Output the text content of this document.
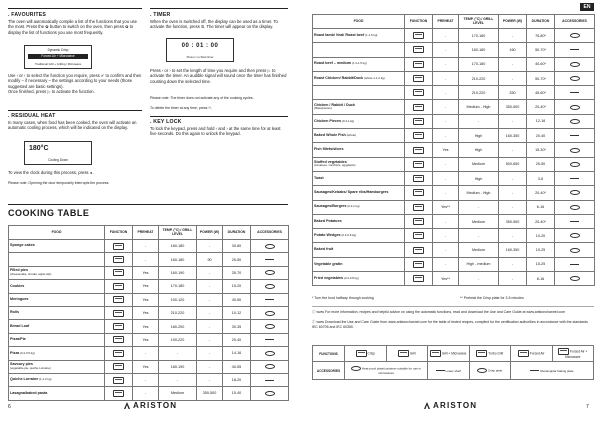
. FAVOURITES
The oven will automatically compile a list of the functions that you use the most. Press the ✿ button to switch on the oven, then press ✿ to display the list of functions you use most frequently.
Dynamic Crisp
Forced Air + Microwave
Traditional Grill + Grilling / Microwave
Use ‹ or › to select the function you require, press ✔ to confirm and then modify – if necessary – the settings according to your needs (those suggested are basic settings).
Once finished, press ▷ to activate the function.
. RESIDUAL HEAT
In many cases, when food has been cooked, the oven will activate an automatic cooling process, which will be indicated on the display.
180°C
Cooling Down
To view the clock during this process, press ◂ .
Please note: Opening the door temporarily interrupts the process.
. TIMER
When the oven is switched off, the display can be used as a timer. To activate the function, press ⏲. The timer will appear on the display.
00 : 01 : 00
Press ▷ to Start timer
Press ‹ or › to set the length of time you require and then press ▷ to activate the timer. An audible signal will sound once the timer has finished counting down the selected time.
Please note: The timer does not activate any of the cooking cycles.
To delete the timer at any time, press ⏲.
. KEY LOCK
To lock the keypad, press and hold ‹ and › at the same time for at least five seconds. Do this again to unlock the keypad.
COOKING TABLE
FOOD	FUNCTION	PREHEAT	TEMP. (°C) / GRILL LEVEL	POWER (W)	DURATION	ACCESSORIES
Sponge cakes		-	160-180	-	30-60	
		-	160-180	90	25-50	
Filled pies
(cheesecake, strudel, apple tart)		Yes	160-190	-	35-70	
Cookies		Yes	170-180	-	15-20	
Meringues		Yes	100-120	-	40-50	
Rolls		Yes	210-220	-	10-12	
Bread Loaf		Yes	180-200	-	30-35	
Pizza/Pie		Yes	190-220	-	20-40	
Pizza (0.4-0.5 kg)		-	-	-	14-16	
Savoury pies
(vegetable pie, quiche Lorraine)		Yes	180-190	-	40-55	
Quiche Lorraine (1-1.2 kg)		-	-	-	18-20	
Lasagna/baked pasta		-	Medium	350-500	15-40	
6	ARISTON
EN
FOOD	FUNCTION	PREHEAT	TEMP. (°C) / GRILL LEVEL	POWER (W)	DURATION	ACCESSORIES
Roast lamb/ Veal/ Roast beef (1-1.5 kg)		-	170-180	-	70-80*	
		-	160-180	160	50-70*	
Roast beef – medium (1.3-1.5 kg)		-	170-180	-	40-60*	
Roast Chicken/ Rabbit/Duck (whole 1-1.2 kg)		-	210-220	-	50-70*	
		-	210-220	350	45-60*	
Chicken / Rabbit / Duck
(fillets/pieces)		-	Medium - High	350-500	20-40*	
Chicken Pieces (0.4-1 kg)		-	-	-	12-18	
Baked Whole Fish (whole)		-	High	160-350	20-40	
Fish fillets/slices		Yes	High	-	15-30*	
Stuffed vegetables
(tomatoes, zucchinis, eggplants)		-	Medium	500-650	25-50	
Toast		-	High	-	3-6	
Sausages/Kebabs/ Spare ribs/Hamburgers		-	Medium - High	-	20-40*	
Sausages/Burgers (0.2-1 kg)		Yes**	-	-	6-16	
Baked Potatoes		-	Medium	350-500	20-40*	
Potato Wedges (0.3-0.8 kg)		-	-	-	10-20	
Baked fruit		-	Medium	160-350	15-25	
Vegetable gratin		-	High - medium	-	15-25	
Fried vegetables (0.3-0.8 kg)		Yes**	-	-	8-16	
* Turn the food halfway through cooking	** Preheat the Crisp plate for 3-5 minutes
ⓘ www For more information, recipes and helpful advice on using the automatic functions, read and download the Use and Care Guide at www.aristonchannel.com
ⓘ www Download the Use and Care Guide from www.aristonchannel.com for the table of tested recipes, compiled for the certification authorities in accordance with the standards IEC 60705 and IEC 60350.
FUNCTIONS	Crisp	Grill	Grill + Microwave	Turbo Grill	Forced Air	Forced Air + Microwave
ACCESSORIES	Heat-proof plate/container suitable for use in microwaves		Lower shelf	Crisp plate	Rectangular baking plate	
7
ARISTON
